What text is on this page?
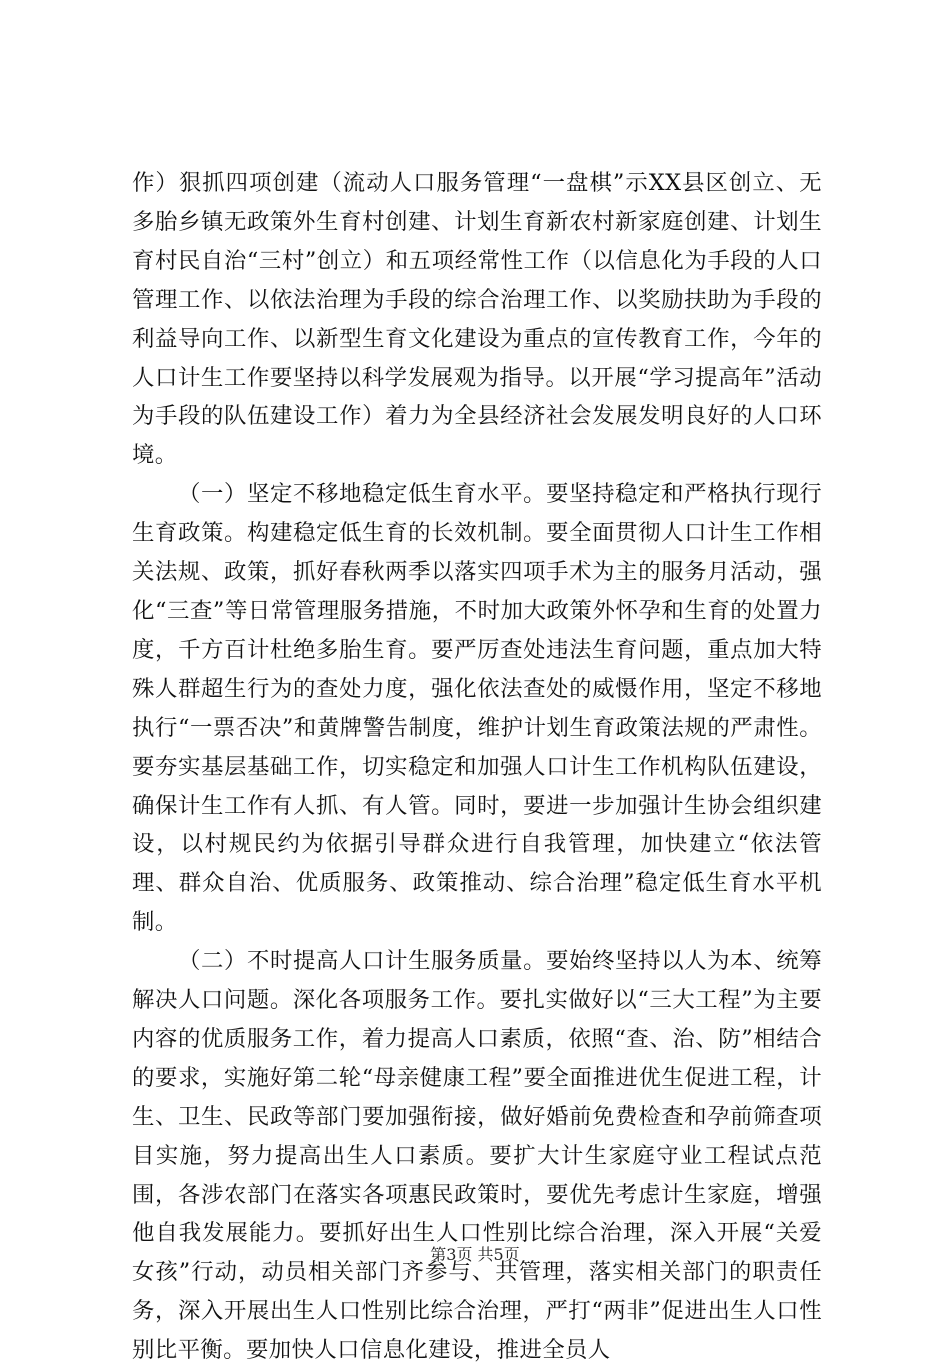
作）狠抓四项创建（流动人口服务管理“一盘棋”示XX县区创立、无多胎乡镇无政策外生育村创建、计划生育新农村新家庭创建、计划生育村民自治“三村”创立）和五项经常性工作（以信息化为手段的人口管理工作、以依法治理为手段的综合治理工作、以奖励扶助为手段的利益导向工作、以新型生育文化建设为重点的宣传教育工作，今年的人口计生工作要坚持以科学发展观为指导。以开展“学习提高年”活动为手段的队伍建设工作）着力为全县经济社会发展发明良好的人口环境。

（一）坚定不移地稳定低生育水平。要坚持稳定和严格执行现行生育政策。构建稳定低生育的长效机制。要全面贯彻人口计生工作相关法规、政策，抓好春秋两季以落实四项手术为主的服务月活动，强化“三查”等日常管理服务措施，不时加大政策外怀孕和生育的处置力度，千方百计杜绝多胎生育。要严厉查处违法生育问题，重点加大特殊人群超生行为的查处力度，强化依法查处的威慑作用，坚定不移地执行“一票否决”和黄牌警告制度，维护计划生育政策法规的严肃性。要夯实基层基础工作，切实稳定和加强人口计生工作机构队伍建设，确保计生工作有人抓、有人管。同时，要进一步加强计生协会组织建设，以村规民约为依据引导群众进行自我管理，加快建立“依法管理、群众自治、优质服务、政策推动、综合治理”稳定低生育水平机制。

（二）不时提高人口计生服务质量。要始终坚持以人为本、统筹解决人口问题。深化各项服务工作。要扎实做好以“三大工程”为主要内容的优质服务工作，着力提高人口素质，依照“查、治、防”相结合的要求，实施好第二轮“母亲健康工程”要全面推进优生促进工程，计生、卫生、民政等部门要加强衔接，做好婚前免费检查和孕前筛查项目实施，努力提高出生人口素质。要扩大计生家庭守业工程试点范围，各涉农部门在落实各项惠民政策时，要优先考虑计生家庭，增强他自我发展能力。要抓好出生人口性别比综合治理，深入开展“关爱女孩”行动，动员相关部门齐参与、共管理，落实相关部门的职责任务，深入开展出生人口性别比综合治理，严打“两非”促进出生人口性别比平衡。要加快人口信息化建设，推进全员人

第3页 共5页
